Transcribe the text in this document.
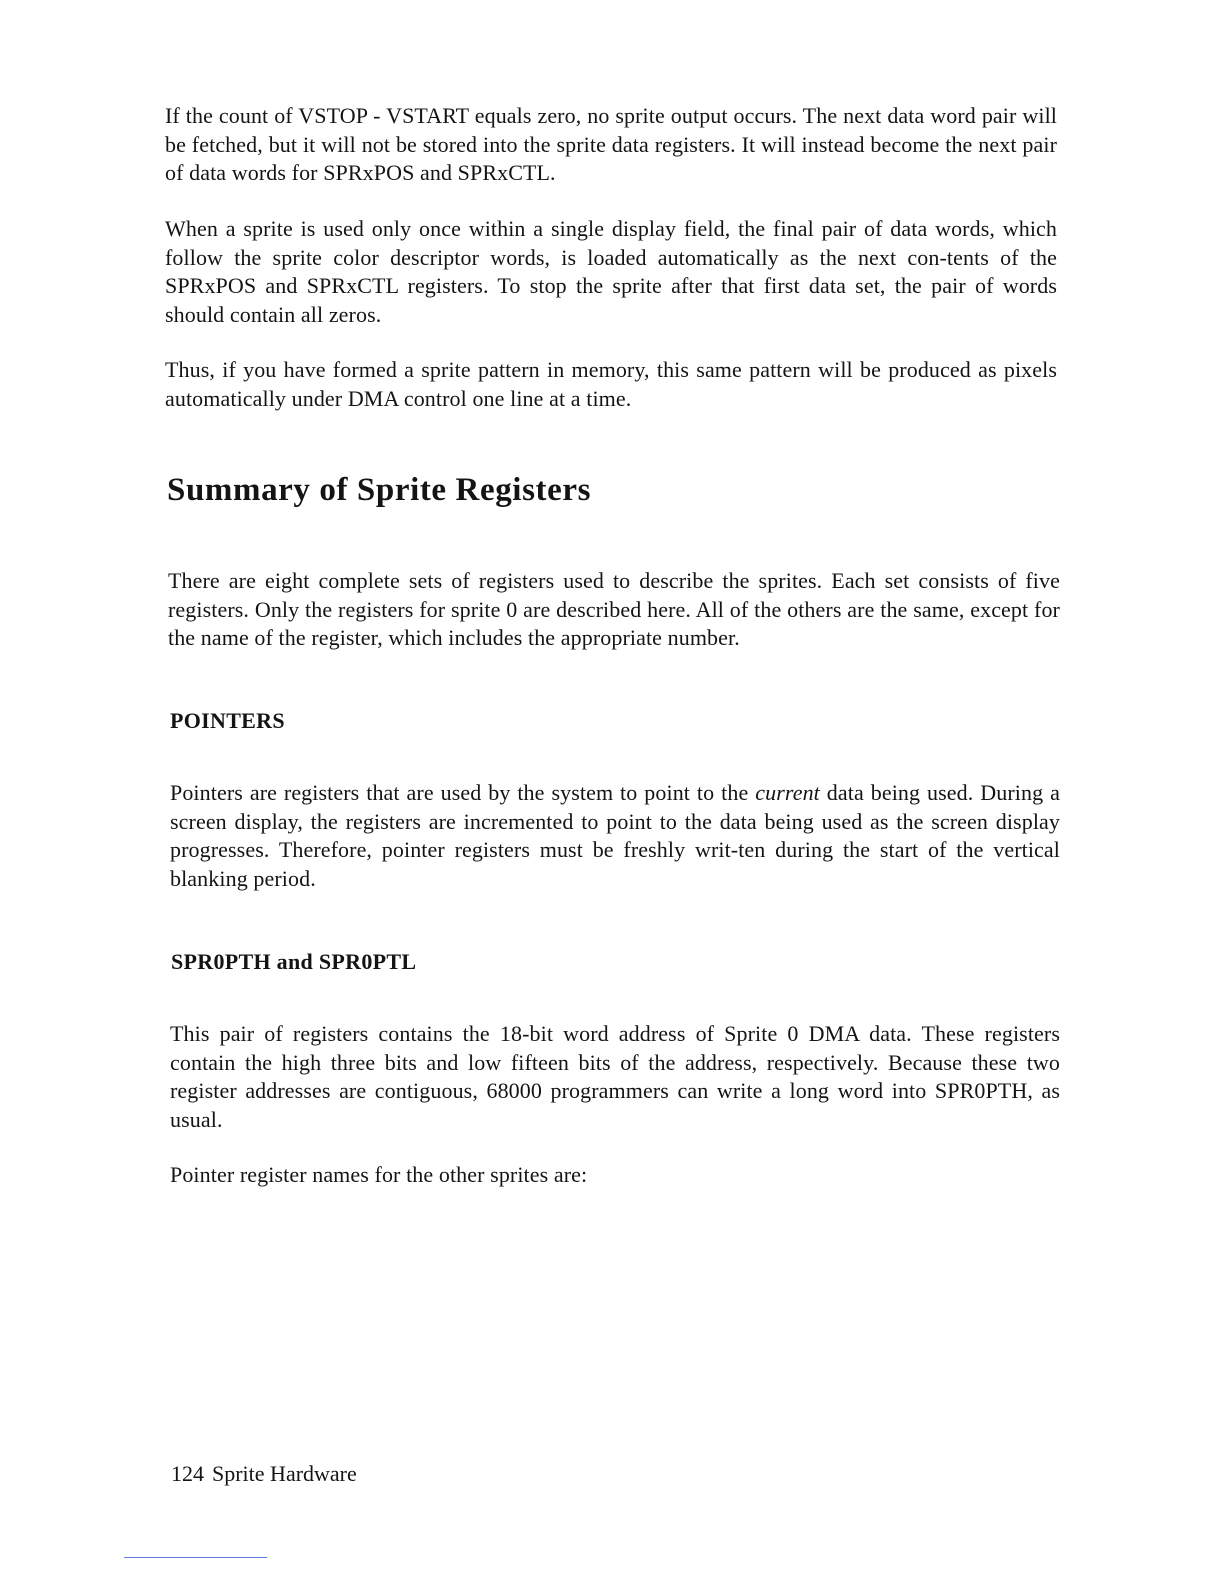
If the count of VSTOP - VSTART equals zero, no sprite output occurs. The next data word pair will be fetched, but it will not be stored into the sprite data registers. It will instead become the next pair of data words for SPRxPOS and SPRxCTL.

When a sprite is used only once within a single display field, the final pair of data words, which follow the sprite color descriptor words, is loaded automatically as the next con-tents of the SPRxPOS and SPRxCTL registers. To stop the sprite after that first data set, the pair of words should contain all zeros.

Thus, if you have formed a sprite pattern in memory, this same pattern will be produced as pixels automatically under DMA control one line at a time.

Summary of Sprite Registers

There are eight complete sets of registers used to describe the sprites. Each set consists of five registers. Only the registers for sprite 0 are described here. All of the others are the same, except for the name of the register, which includes the appropriate number.

POINTERS

Pointers are registers that are used by the system to point to the current data being used. During a screen display, the registers are incremented to point to the data being used as the screen display progresses. Therefore, pointer registers must be freshly writ-ten during the start of the vertical blanking period.

SPR0PTH and SPR0PTL

This pair of registers contains the 18-bit word address of Sprite 0 DMA data. These registers contain the high three bits and low fifteen bits of the address, respectively. Because these two register addresses are contiguous, 68000 programmers can write a long word into SPR0PTH, as usual.

Pointer register names for the other sprites are:

124 Sprite Hardware
